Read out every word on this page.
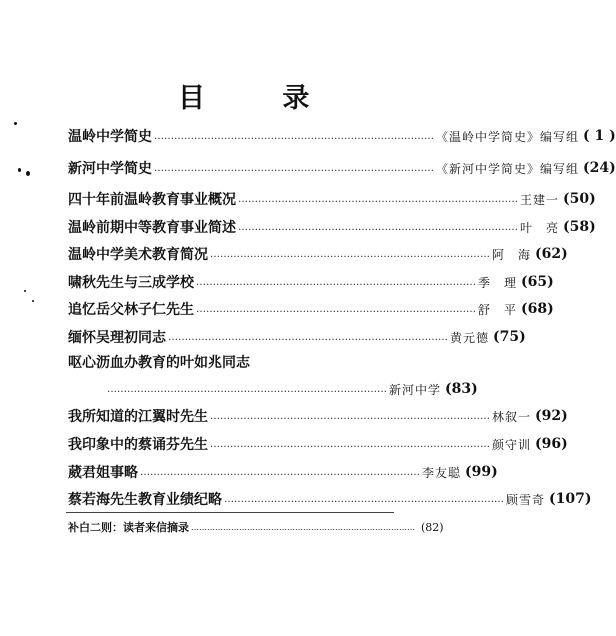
目 录
温岭中学简史 ………………………………………………………………………… 《温岭中学简史》编写组 ( 1 )
新河中学简史 ………………………………………………………………………… 《新河中学简史》编写组 (24)
四十年前温岭教育事业概况 ………………………………………………………………………… 王建一 (50)
温岭前期中等教育事业简述 ………………………………………………………………………… 叶　亮 (58)
温岭中学美术教育简况 ………………………………………………………………………… 阿　海 (62)
啸秋先生与三成学校 ………………………………………………………………………… 季　理 (65)
追忆岳父林子仁先生 ………………………………………………………………………… 舒　平 (68)
缅怀吴理初同志 ………………………………………………………………………… 黄元德 (75)
呕心沥血办教育的叶如兆同志
………………………………………………………………………… 新河中学 (83)
我所知道的江翼时先生 ………………………………………………………………………… 林叙一 (92)
我印象中的蔡诵芬先生 ………………………………………………………………………… 颜守训 (96)
葳君姐事略 ………………………………………………………………………… 李友聪 (99)
蔡若海先生教育业绩纪略 ………………………………………………………………………… 顾雪奇 (107)
补白二则：读者来信摘录 ………………………………………………………………………… (82)
